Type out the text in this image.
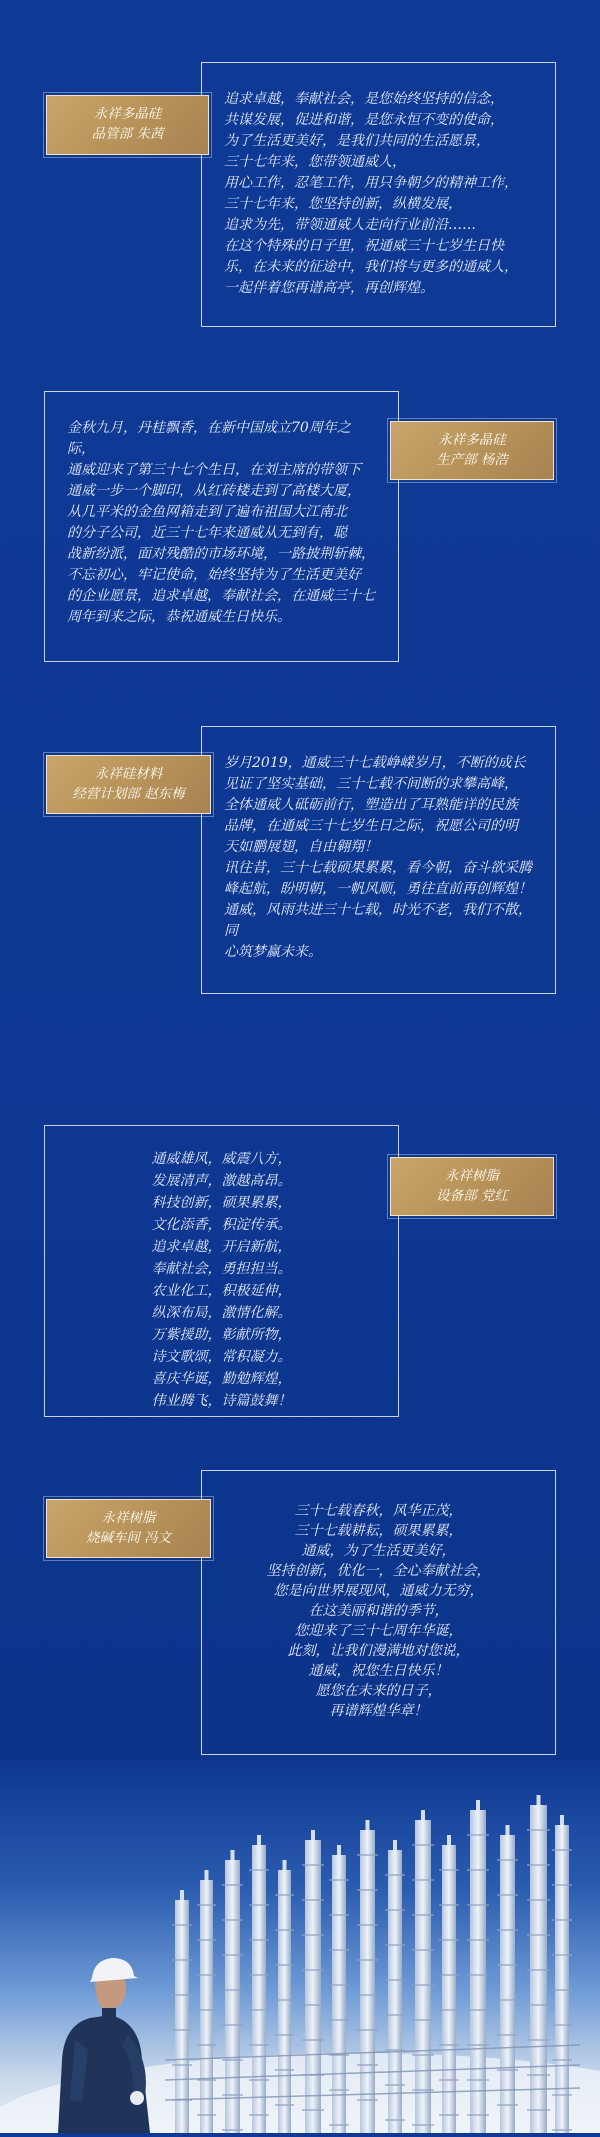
追求卓越，奉献社会，是您始终坚持的信念，
共谋发展，促进和谐，是您永恒不变的使命，
为了生活更美好，是我们共同的生活愿景，
三十七年来，您带领通威人，
用心工作，忍笔工作，用只争朝夕的精神工作，
三十七年来，您坚持创新，纵横发展，
追求为先，带领通威人走向行业前沿……
在这个特殊的日子里，祝通威三十七岁生日快
乐，在未来的征途中，我们将与更多的通威人，
一起伴着您再谱高亭，再创辉煌。

永祥多晶硅
品管部 朱茜

金秋九月，丹桂飘香，在新中国成立70周年之际，
通威迎来了第三十七个生日，在刘主席的带领下
通威一步一个脚印，从红砖楼走到了高楼大厦，
从几平米的金鱼网箱走到了遍布祖国大江南北
的分子公司，近三十七年来通威从无到有，聪
战新纷派，面对残酷的市场环境，一路披荆斩棘，
不忘初心，牢记使命，始终坚持为了生活更美好
的企业愿景，追求卓越，奉献社会，在通威三十七
周年到来之际，恭祝通威生日快乐。

永祥多晶硅
生产部 杨浩

岁月2019，通威三十七载峥嵘岁月，不断的成长
见证了坚实基础，三十七载不间断的求攀高峰，
全体通威人砥砺前行，塑造出了耳熟能详的民族
品牌，在通威三十七岁生日之际，祝愿公司的明
天如鹏展翅，自由翱翔！
讯往昔，三十七载硕果累累，看今朝，奋斗欲采腾
峰起航，盼明朝，一帆风顺，勇往直前再创辉煌！
通威，风雨共进三十七载，时光不老，我们不散，同
心筑梦赢未来。

永祥硅材料
经营计划部 赵东梅

通威雄风，威震八方，
发展清声，激越高昂。
科技创新，硕果累累，
文化添香，积淀传承。
追求卓越，开启新航，
奉献社会，勇担担当。
农业化工，积极延伸，
纵深布局，激情化解。
万紫援助，彰献所物，
诗文歌颂，常积凝力。
喜庆华诞，勤勉辉煌，
伟业腾飞，诗篇鼓舞！

永祥树脂
设备部 党红

三十七载春秋，风华正茂，
三十七载耕耘，硕果累累，
通威，为了生活更美好，
坚持创新，优化一，全心奉献社会，
您是向世界展现风，通威力无穷，
在这美丽和谐的季节，
您迎来了三十七周年华诞，
此刻，让我们漫满地对您说，
通威，祝您生日快乐！
愿您在未来的日子，
再谱辉煌华章！

永祥树脂
烧碱车间 冯文
